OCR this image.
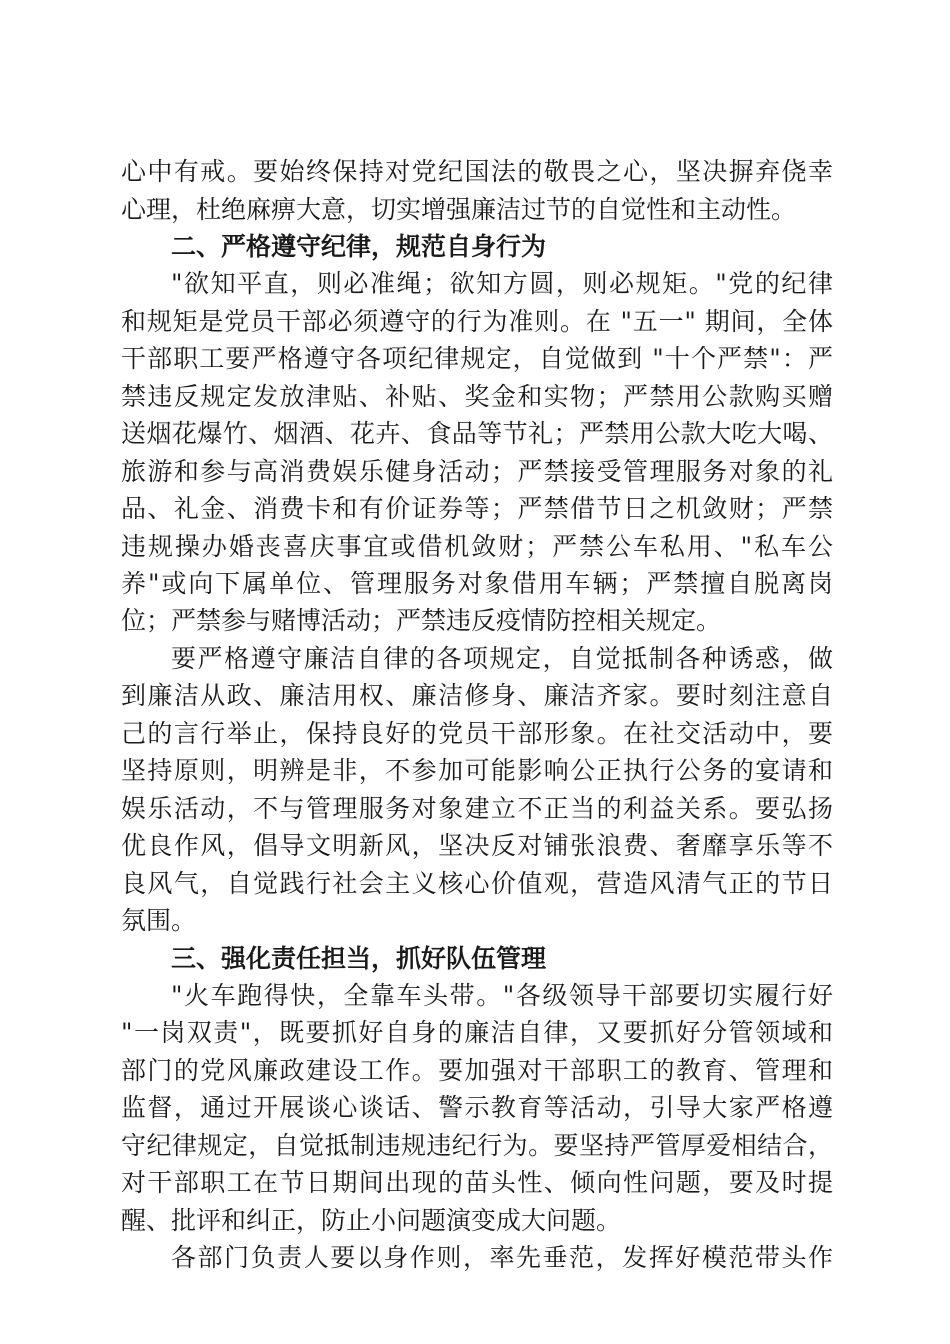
心中有戒。要始终保持对党纪国法的敬畏之心，坚决摒弃侥幸
心理，杜绝麻痹大意，切实增强廉洁过节的自觉性和主动性。
二、严格遵守纪律，规范自身行为
"欲知平直，则必准绳；欲知方圆，则必规矩。"党的纪律
和规矩是党员干部必须遵守的行为准则。在 "五一" 期间，全体
干部职工要严格遵守各项纪律规定，自觉做到 "十个严禁"：严
禁违反规定发放津贴、补贴、奖金和实物；严禁用公款购买赠
送烟花爆竹、烟酒、花卉、食品等节礼；严禁用公款大吃大喝、
旅游和参与高消费娱乐健身活动；严禁接受管理服务对象的礼
品、礼金、消费卡和有价证券等；严禁借节日之机敛财；严禁
违规操办婚丧喜庆事宜或借机敛财；严禁公车私用、"私车公
养"或向下属单位、管理服务对象借用车辆；严禁擅自脱离岗
位；严禁参与赌博活动；严禁违反疫情防控相关规定。
要严格遵守廉洁自律的各项规定，自觉抵制各种诱惑，做
到廉洁从政、廉洁用权、廉洁修身、廉洁齐家。要时刻注意自
己的言行举止，保持良好的党员干部形象。在社交活动中，要
坚持原则，明辨是非，不参加可能影响公正执行公务的宴请和
娱乐活动，不与管理服务对象建立不正当的利益关系。要弘扬
优良作风，倡导文明新风，坚决反对铺张浪费、奢靡享乐等不
良风气，自觉践行社会主义核心价值观，营造风清气正的节日
氛围。
三、强化责任担当，抓好队伍管理
"火车跑得快，全靠车头带。"各级领导干部要切实履行好
"一岗双责"，既要抓好自身的廉洁自律，又要抓好分管领域和
部门的党风廉政建设工作。要加强对干部职工的教育、管理和
监督，通过开展谈心谈话、警示教育等活动，引导大家严格遵
守纪律规定，自觉抵制违规违纪行为。要坚持严管厚爱相结合，
对干部职工在节日期间出现的苗头性、倾向性问题，要及时提
醒、批评和纠正，防止小问题演变成大问题。
各部门负责人要以身作则，率先垂范，发挥好模范带头作
